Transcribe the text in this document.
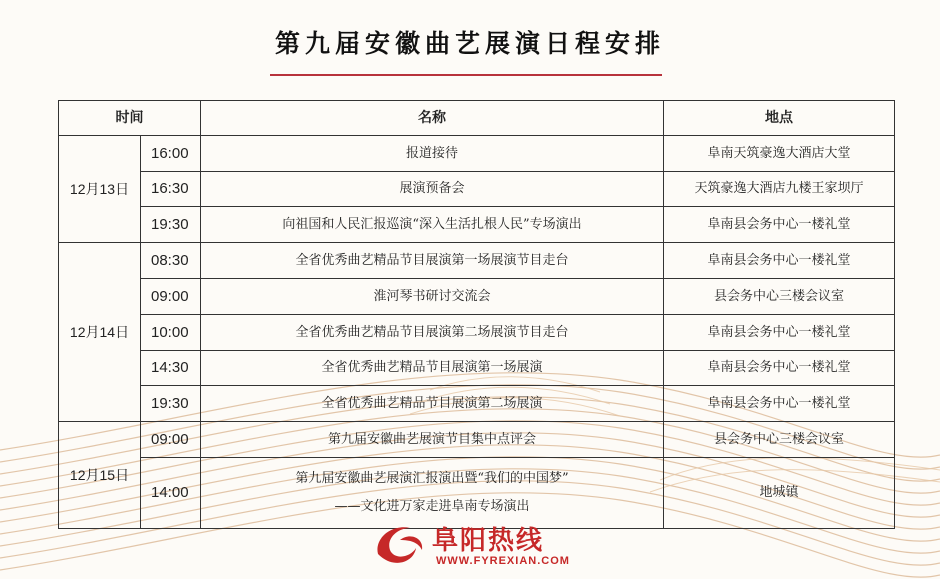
第九届安徽曲艺展演日程安排
时间		名称	地点
12月13日	16:00	报道接待	阜南天筑豪逸大酒店大堂
	16:30	展演预备会	天筑豪逸大酒店九楼王家坝厅
	19:30	向祖国和人民汇报巡演“深入生活扎根人民”专场演出	阜南县会务中心一楼礼堂
12月14日	08:30	全省优秀曲艺精品节目展演第一场展演节目走台	阜南县会务中心一楼礼堂
	09:00	淮河琴书研讨交流会	县会务中心三楼会议室
	10:00	全省优秀曲艺精品节目展演第二场展演节目走台	阜南县会务中心一楼礼堂
	14:30	全省优秀曲艺精品节目展演第一场展演	阜南县会务中心一楼礼堂
	19:30	全省优秀曲艺精品节目展演第二场展演	阜南县会务中心一楼礼堂
12月15日	09:00	第九届安徽曲艺展演节目集中点评会	县会务中心三楼会议室
	14:00	第九届安徽曲艺展演汇报演出暨“我们的中国梦”
——文化进万家走进阜南专场演出	地城镇
阜阳热线
WWW.FYREXIAN.COM
